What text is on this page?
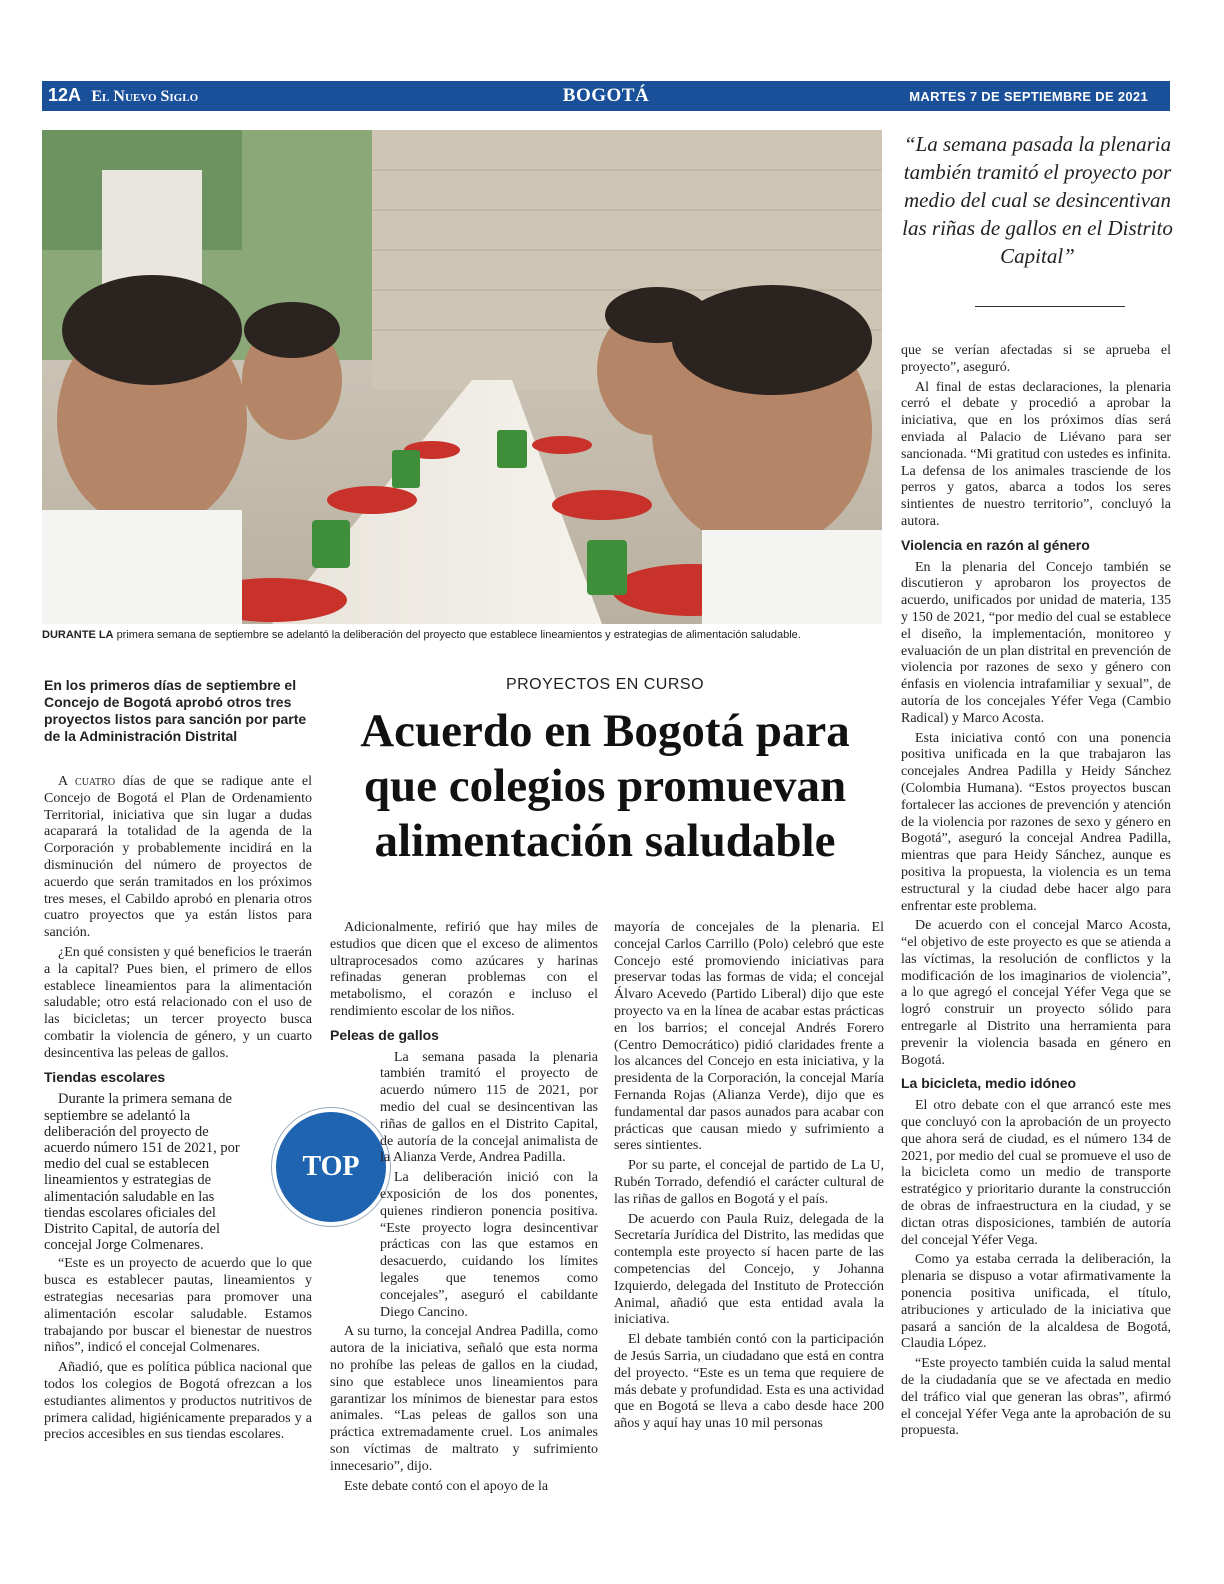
12A El Nuevo Siglo	BOGOTÁ	MARTES 7 DE SEPTIEMBRE DE 2021
DURANTE LA primera semana de septiembre se adelantó la deliberación del proyecto que establece lineamientos y estrategias de alimentación saludable.
“La semana pasada la plenaria también tramitó el proyecto por medio del cual se desincentivan las riñas de gallos en el Distrito Capital”
PROYECTOS EN CURSO
Acuerdo en Bogotá para que colegios promuevan alimentación saludable
En los primeros días de septiembre el Concejo de Bogotá aprobó otros tres proyectos listos para sanción por parte de la Administración Distrital

A cuatro días de que se radique ante el Concejo de Bogotá el Plan de Ordenamiento Territorial, iniciativa que sin lugar a dudas acaparará la totalidad de la agenda de la Corporación y probablemente incidirá en la disminución del número de proyectos de acuerdo que serán tramitados en los próximos tres meses, el Cabildo aprobó en plenaria otros cuatro proyectos que ya están listos para sanción.

¿En qué consisten y qué beneficios le traerán a la capital? Pues bien, el primero de ellos establece lineamientos para la alimentación saludable; otro está relacionado con el uso de las bicicletas; un tercer proyecto busca combatir la violencia de género, y un cuarto desincentiva las peleas de gallos.

Tiendas escolares

Durante la primera semana de septiembre se adelantó la deliberación del proyecto de acuerdo número 151 de 2021, por medio del cual se establecen lineamientos y estrategias de alimentación saludable en las tiendas escolares oficiales del Distrito Capital, de autoría del concejal Jorge Colmenares.

“Este es un proyecto de acuerdo que lo que busca es establecer pautas, lineamientos y estrategias necesarias para promover una alimentación escolar saludable. Estamos trabajando por buscar el bienestar de nuestros niños”, indicó el concejal Colmenares.

Añadió, que es política pública nacional que todos los colegios de Bogotá ofrezcan a los estudiantes alimentos y productos nutritivos de primera calidad, higiénicamente preparados y a precios accesibles en sus tiendas escolares.

TOP

Adicionalmente, refirió que hay miles de estudios que dicen que el exceso de alimentos ultraprocesados como azúcares y harinas refinadas generan problemas con el metabolismo, el corazón e incluso el rendimiento escolar de los niños.

Peleas de gallos

La semana pasada la plenaria también tramitó el proyecto de acuerdo número 115 de 2021, por medio del cual se desincentivan las riñas de gallos en el Distrito Capital, de autoría de la concejal animalista de la Alianza Verde, Andrea Padilla.

La deliberación inició con la exposición de los dos ponentes, quienes rindieron ponencia positiva. “Este proyecto logra desincentivar prácticas con las que estamos en desacuerdo, cuidando los límites legales que tenemos como concejales”, aseguró el cabildante Diego Cancino.

A su turno, la concejal Andrea Padilla, como autora de la iniciativa, señaló que esta norma no prohíbe las peleas de gallos en la ciudad, sino que establece unos lineamientos para garantizar los mínimos de bienestar para estos animales. “Las peleas de gallos son una práctica extremadamente cruel. Los animales son víctimas de maltrato y sufrimiento innecesario”, dijo.

Este debate contó con el apoyo de la

mayoría de concejales de la plenaria. El concejal Carlos Carrillo (Polo) celebró que este Concejo esté promoviendo iniciativas para preservar todas las formas de vida; el concejal Álvaro Acevedo (Partido Liberal) dijo que este proyecto va en la línea de acabar estas prácticas en los barrios; el concejal Andrés Forero (Centro Democrático) pidió claridades frente a los alcances del Concejo en esta iniciativa, y la presidenta de la Corporación, la concejal María Fernanda Rojas (Alianza Verde), dijo que es fundamental dar pasos aunados para acabar con prácticas que causan miedo y sufrimiento a seres sintientes.

Por su parte, el concejal de partido de La U, Rubén Torrado, defendió el carácter cultural de las riñas de gallos en Bogotá y el país.

De acuerdo con Paula Ruiz, delegada de la Secretaría Jurídica del Distrito, las medidas que contempla este proyecto sí hacen parte de las competencias del Concejo, y Johanna Izquierdo, delegada del Instituto de Protección Animal, añadió que esta entidad avala la iniciativa.

El debate también contó con la participación de Jesús Sarria, un ciudadano que está en contra del proyecto. “Este es un tema que requiere de más debate y profundidad. Esta es una actividad que en Bogotá se lleva a cabo desde hace 200 años y aquí hay unas 10 mil personas

que se verían afectadas si se aprueba el proyecto”, aseguró.

Al final de estas declaraciones, la plenaria cerró el debate y procedió a aprobar la iniciativa, que en los próximos días será enviada al Palacio de Liévano para ser sancionada. “Mi gratitud con ustedes es infinita. La defensa de los animales trasciende de los perros y gatos, abarca a todos los seres sintientes de nuestro territorio”, concluyó la autora.

Violencia en razón al género

En la plenaria del Concejo también se discutieron y aprobaron los proyectos de acuerdo, unificados por unidad de materia, 135 y 150 de 2021, “por medio del cual se establece el diseño, la implementación, monitoreo y evaluación de un plan distrital en prevención de violencia por razones de sexo y género con énfasis en violencia intrafamiliar y sexual”, de autoría de los concejales Yéfer Vega (Cambio Radical) y Marco Acosta.

Esta iniciativa contó con una ponencia positiva unificada en la que trabajaron las concejales Andrea Padilla y Heidy Sánchez (Colombia Humana). “Estos proyectos buscan fortalecer las acciones de prevención y atención de la violencia por razones de sexo y género en Bogotá”, aseguró la concejal Andrea Padilla, mientras que para Heidy Sánchez, aunque es positiva la propuesta, la violencia es un tema estructural y la ciudad debe hacer algo para enfrentar este problema.

De acuerdo con el concejal Marco Acosta, “el objetivo de este proyecto es que se atienda a las víctimas, la resolución de conflictos y la modificación de los imaginarios de violencia”, a lo que agregó el concejal Yéfer Vega que se logró construir un proyecto sólido para entregarle al Distrito una herramienta para prevenir la violencia basada en género en Bogotá.

La bicicleta, medio idóneo

El otro debate con el que arrancó este mes que concluyó con la aprobación de un proyecto que ahora será de ciudad, es el número 134 de 2021, por medio del cual se promueve el uso de la bicicleta como un medio de transporte estratégico y prioritario durante la construcción de obras de infraestructura en la ciudad, y se dictan otras disposiciones, también de autoría del concejal Yéfer Vega.

Como ya estaba cerrada la deliberación, la plenaria se dispuso a votar afirmativamente la ponencia positiva unificada, el título, atribuciones y articulado de la iniciativa que pasará a sanción de la alcaldesa de Bogotá, Claudia López.

“Este proyecto también cuida la salud mental de la ciudadanía que se ve afectada en medio del tráfico vial que generan las obras”, afirmó el concejal Yéfer Vega ante la aprobación de su propuesta.
